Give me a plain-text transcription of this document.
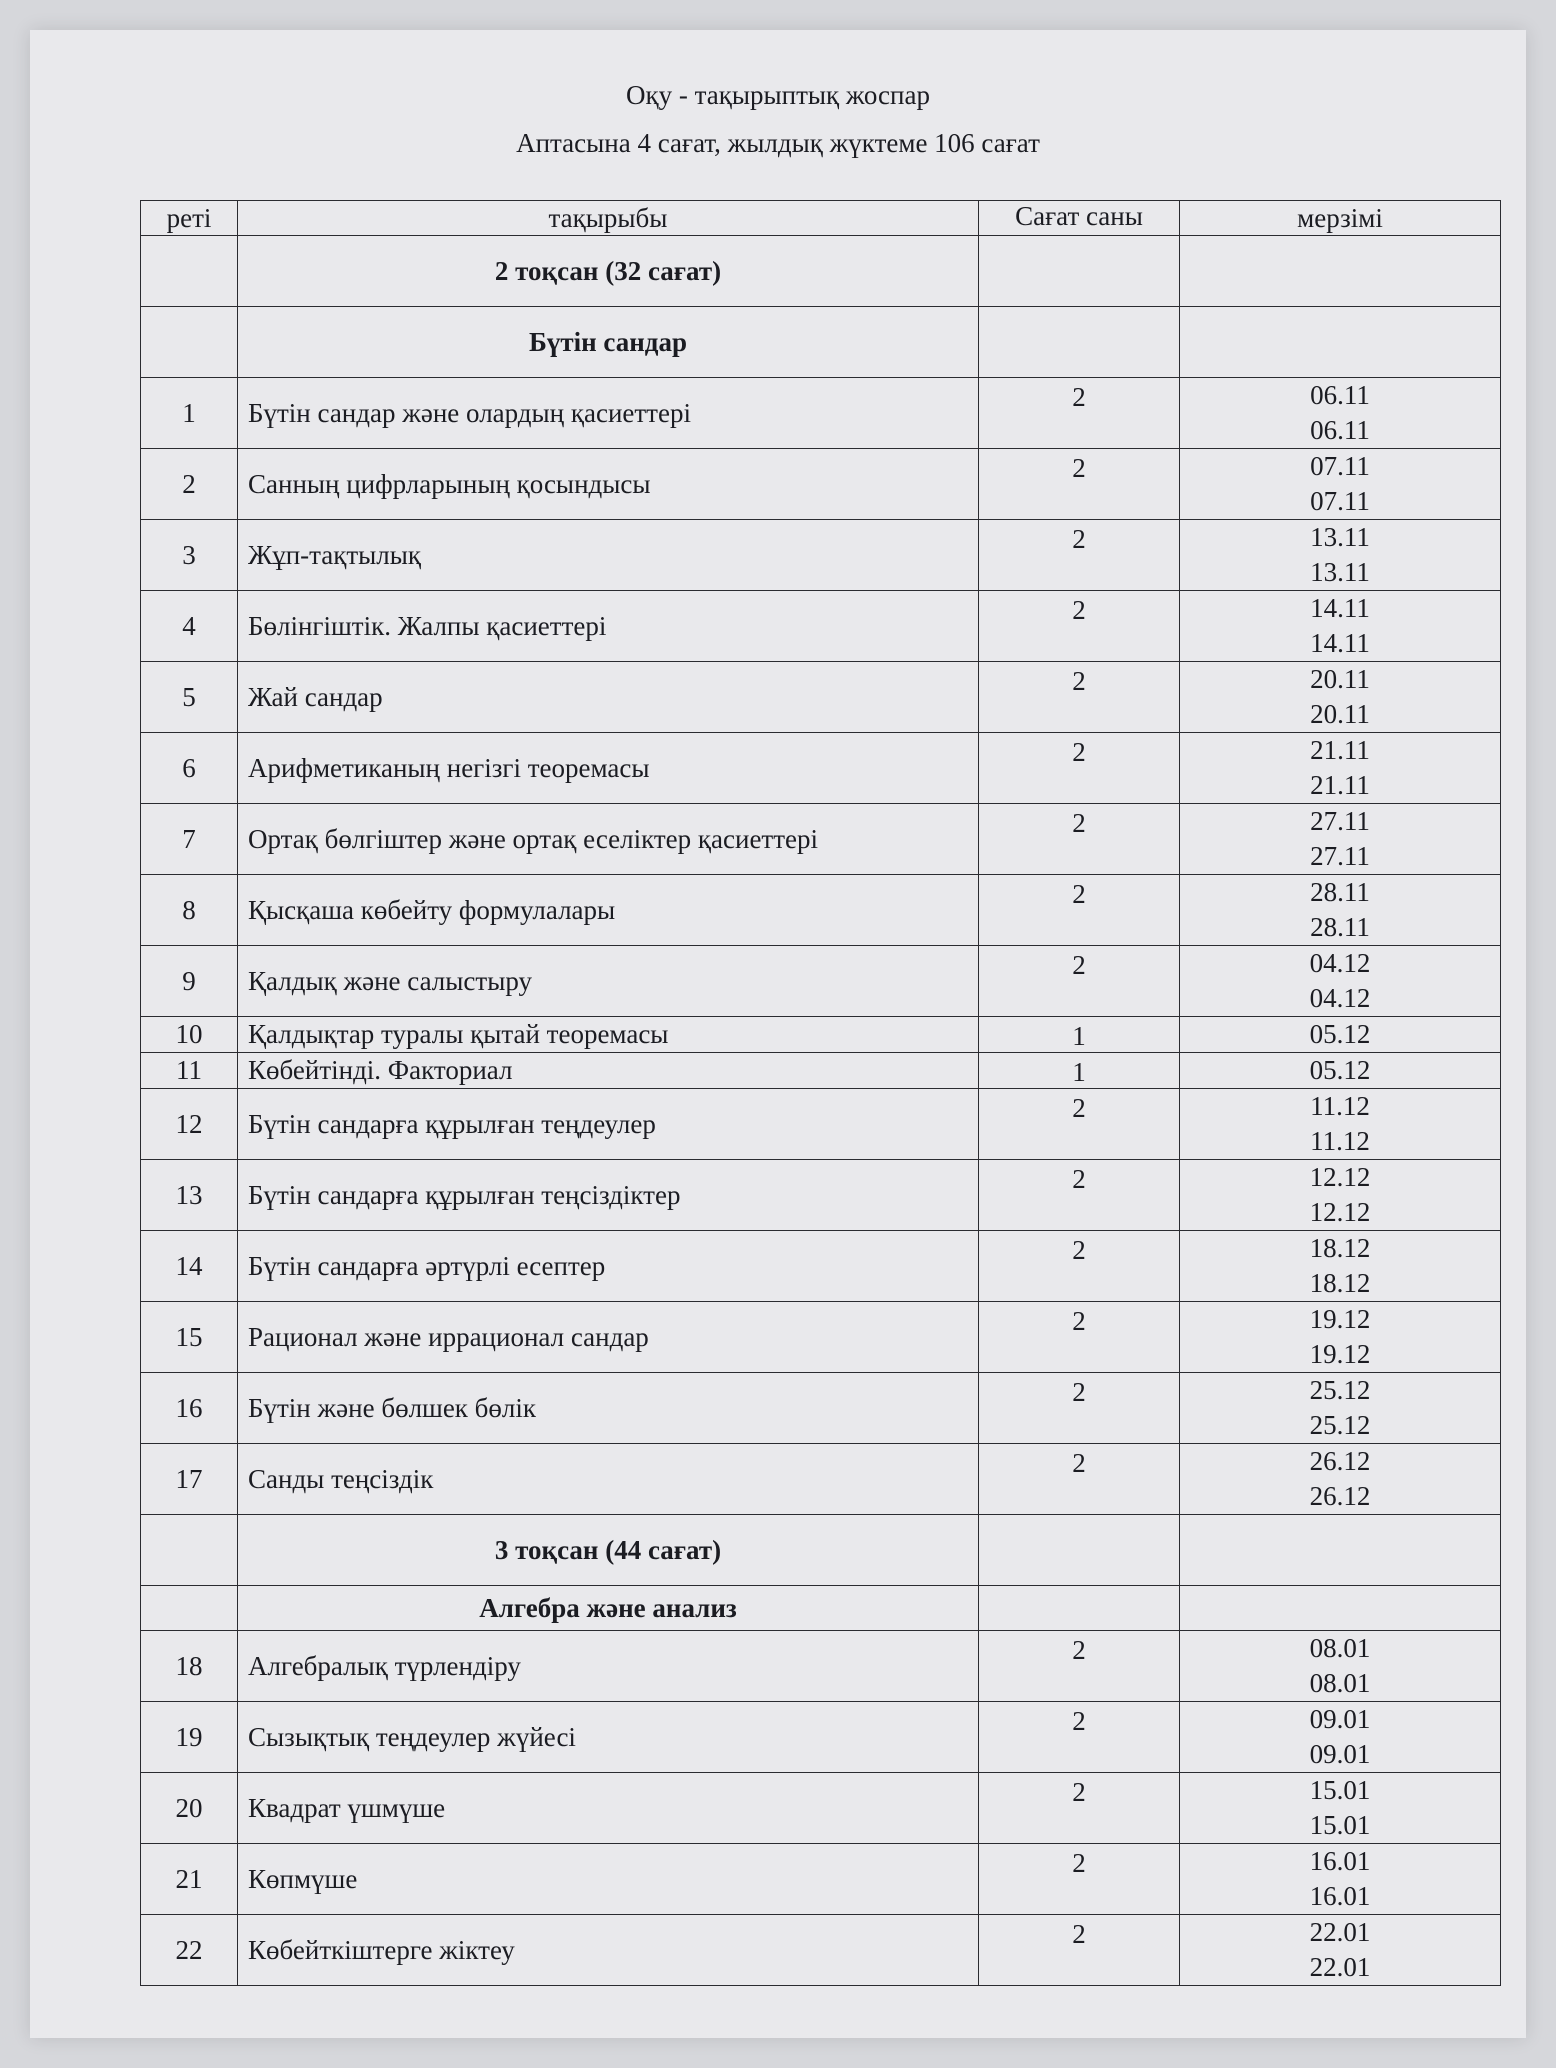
Оқу - тақырыптық жоспар
Аптасына 4 сағат, жылдық жүктеме 106 сағат
реті	тақырыбы	Сағат саны	мерзімі
	2 тоқсан (32 сағат)		
	Бүтін сандар		
1	Бүтін сандар және олардың қасиеттері	2	06.11
06.11

2	Санның цифрларының қосындысы	2	07.11
07.11

3	Жұп-тақтылық	2	13.11
13.11

4	Бөлінгіштік. Жалпы қасиеттері	2	14.11
14.11

5	Жай сандар	2	20.11
20.11

6	Арифметиканың негізгі теоремасы	2	21.11
21.11

7	Ортақ бөлгіштер және ортақ еселіктер қасиеттері	2	27.11
27.11

8	Қысқаша көбейту формулалары	2	28.11
28.11

9	Қалдық және салыстыру	2	04.12
04.12

10	Қалдықтар туралы қытай теоремасы	1	05.12

11	Көбейтінді. Факториал	1	05.12

12	Бүтін сандарға құрылған теңдеулер	2	11.12
11.12

13	Бүтін сандарға құрылған теңсіздіктер	2	12.12
12.12

14	Бүтін сандарға әртүрлі есептер	2	18.12
18.12

15	Рационал және иррационал сандар	2	19.12
19.12

16	Бүтін және бөлшек бөлік	2	25.12
25.12

17	Санды теңсіздік	2	26.12
26.12

	3 тоқсан (44 сағат)		
	Алгебра және анализ		
18	Алгебралық түрлендіру	2	08.01
08.01

19	Сызықтық теңдеулер жүйесі	2	09.01
09.01

20	Квадрат үшмүше	2	15.01
15.01

21	Көпмүше	2	16.01
16.01

22	Көбейткіштерге жіктеу	2	22.01
22.01
